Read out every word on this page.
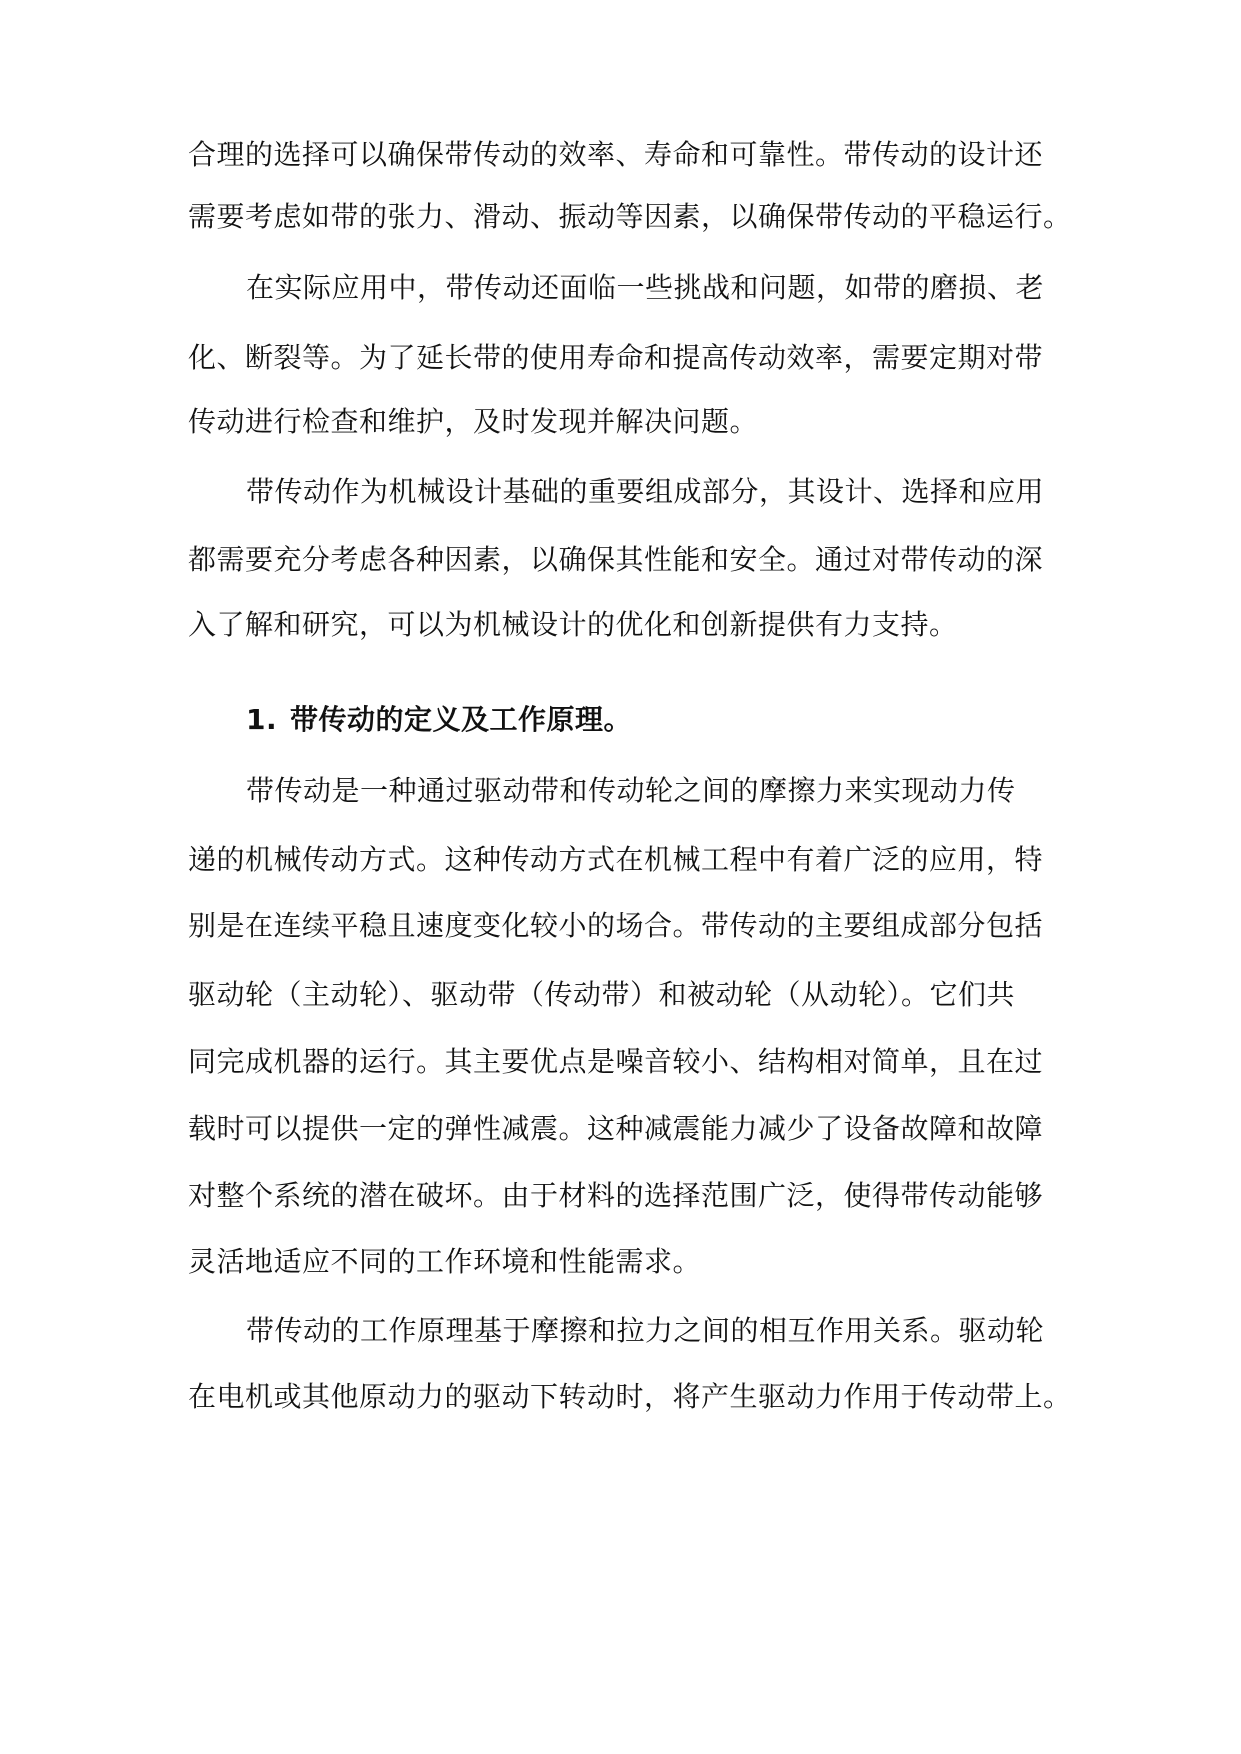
合理的选择可以确保带传动的效率、寿命和可靠性。带传动的设计还
需要考虑如带的张力、滑动、振动等因素，以确保带传动的平稳运行。
在实际应用中，带传动还面临一些挑战和问题，如带的磨损、老
化、断裂等。为了延长带的使用寿命和提高传动效率，需要定期对带
传动进行检查和维护，及时发现并解决问题。
带传动作为机械设计基础的重要组成部分，其设计、选择和应用
都需要充分考虑各种因素，以确保其性能和安全。通过对带传动的深
入了解和研究，可以为机械设计的优化和创新提供有力支持。
1. 带传动的定义及工作原理。
带传动是一种通过驱动带和传动轮之间的摩擦力来实现动力传
递的机械传动方式。这种传动方式在机械工程中有着广泛的应用，特
别是在连续平稳且速度变化较小的场合。带传动的主要组成部分包括
驱动轮（主动轮）、驱动带（传动带）和被动轮（从动轮）。它们共
同完成机器的运行。其主要优点是噪音较小、结构相对简单，且在过
载时可以提供一定的弹性减震。这种减震能力减少了设备故障和故障
对整个系统的潜在破坏。由于材料的选择范围广泛，使得带传动能够
灵活地适应不同的工作环境和性能需求。
带传动的工作原理基于摩擦和拉力之间的相互作用关系。驱动轮
在电机或其他原动力的驱动下转动时，将产生驱动力作用于传动带上。
